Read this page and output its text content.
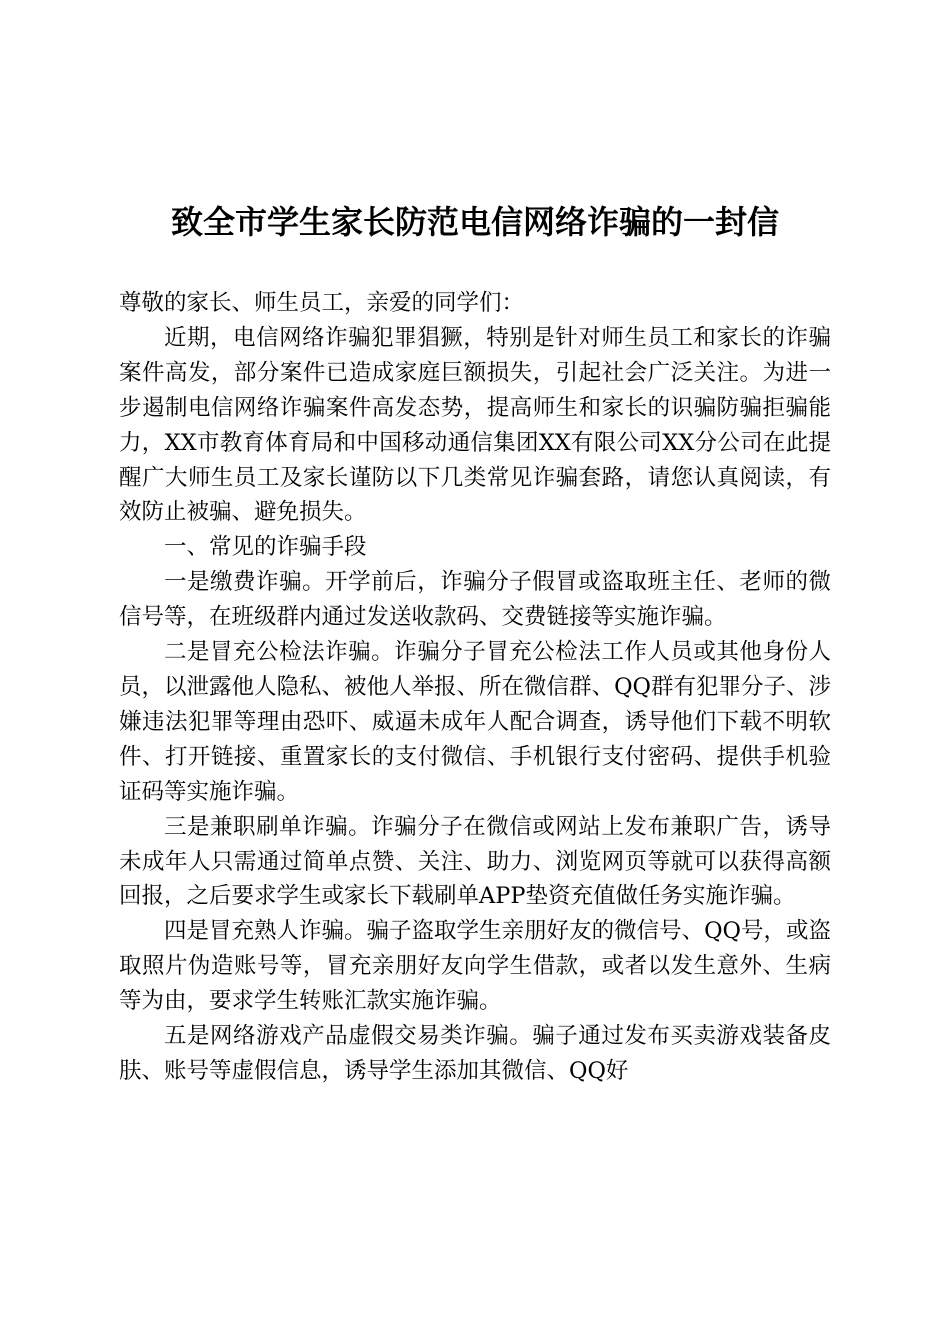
致全市学生家长防范电信网络诈骗的一封信

尊敬的家长、师生员工，亲爱的同学们：

近期，电信网络诈骗犯罪猖獗，特别是针对师生员工和家长的诈骗案件高发，部分案件已造成家庭巨额损失，引起社会广泛关注。为进一步遏制电信网络诈骗案件高发态势，提高师生和家长的识骗防骗拒骗能力，XX市教育体育局和中国移动通信集团XX有限公司XX分公司在此提醒广大师生员工及家长谨防以下几类常见诈骗套路，请您认真阅读，有效防止被骗、避免损失。

一、常见的诈骗手段

一是缴费诈骗。开学前后，诈骗分子假冒或盗取班主任、老师的微信号等，在班级群内通过发送收款码、交费链接等实施诈骗。

二是冒充公检法诈骗。诈骗分子冒充公检法工作人员或其他身份人员，以泄露他人隐私、被他人举报、所在微信群、QQ群有犯罪分子、涉嫌违法犯罪等理由恐吓、威逼未成年人配合调查，诱导他们下载不明软件、打开链接、重置家长的支付微信、手机银行支付密码、提供手机验证码等实施诈骗。

三是兼职刷单诈骗。诈骗分子在微信或网站上发布兼职广告，诱导未成年人只需通过简单点赞、关注、助力、浏览网页等就可以获得高额回报，之后要求学生或家长下载刷单APP垫资充值做任务实施诈骗。

四是冒充熟人诈骗。骗子盗取学生亲朋好友的微信号、QQ号，或盗取照片伪造账号等，冒充亲朋好友向学生借款，或者以发生意外、生病等为由，要求学生转账汇款实施诈骗。

五是网络游戏产品虚假交易类诈骗。骗子通过发布买卖游戏装备皮肤、账号等虚假信息，诱导学生添加其微信、QQ好
